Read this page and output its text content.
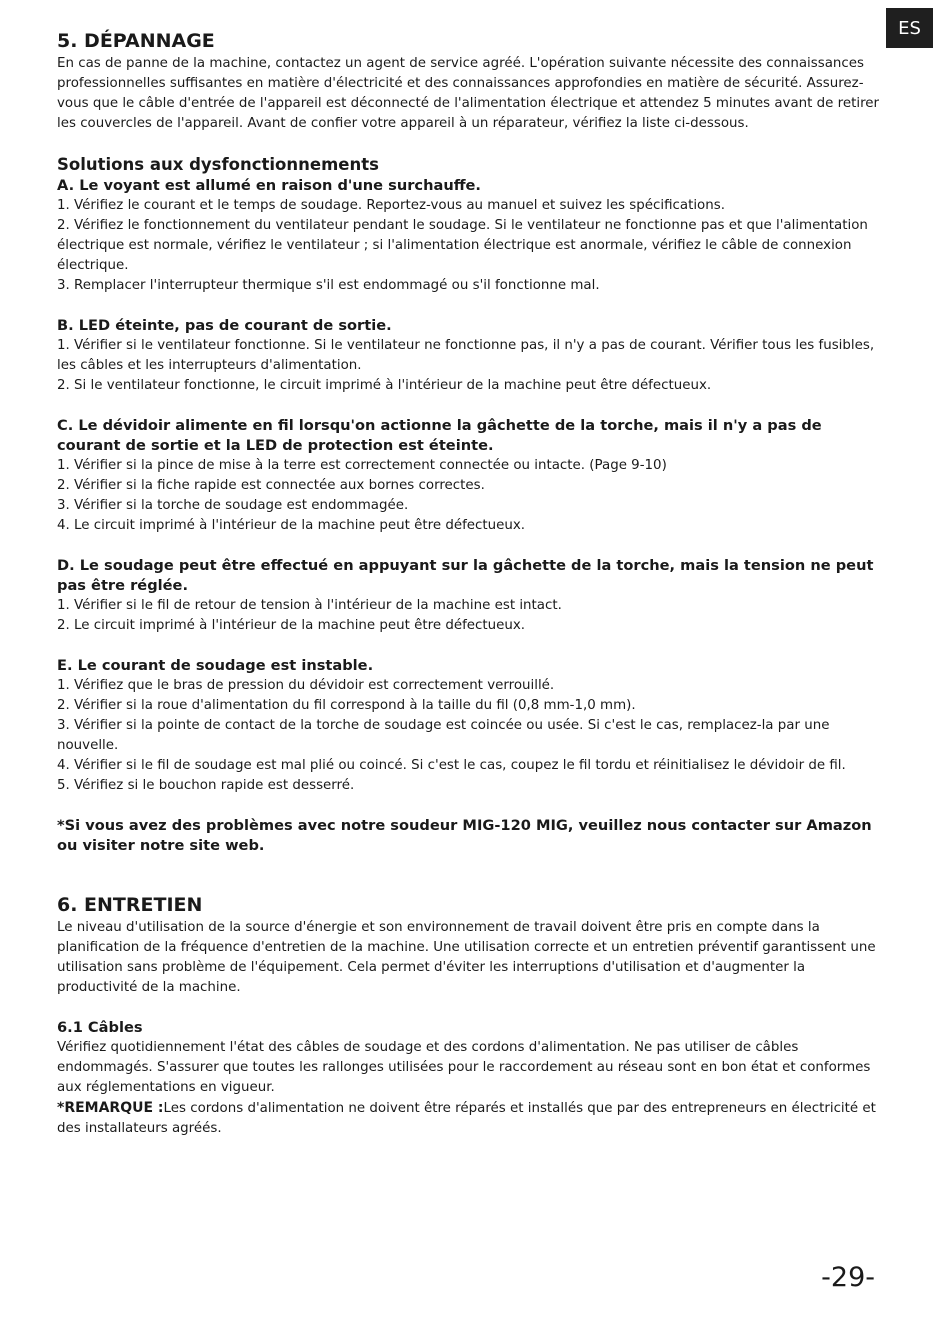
ES
5. DÉPANNAGE

En cas de panne de la machine, contactez un agent de service agréé. L'opération suivante nécessite des connaissances professionnelles suffisantes en matière d'électricité et des connaissances approfondies en matière de sécurité. Assurez-vous que le câble d'entrée de l'appareil est déconnecté de l'alimentation électrique et attendez 5 minutes avant de retirer les couvercles de l'appareil. Avant de confier votre appareil à un réparateur, vérifiez la liste ci-dessous.

Solutions aux dysfonctionnements
A. Le voyant est allumé en raison d'une surchauffe.

1. Vérifiez le courant et le temps de soudage. Reportez-vous au manuel et suivez les spécifications.

2. Vérifiez le fonctionnement du ventilateur pendant le soudage. Si le ventilateur ne fonctionne pas et que l'alimentation électrique est normale, vérifiez le ventilateur ; si l'alimentation électrique est anormale, vérifiez le câble de connexion électrique.

3. Remplacer l'interrupteur thermique s'il est endommagé ou s'il fonctionne mal.

B. LED éteinte, pas de courant de sortie.

1. Vérifier si le ventilateur fonctionne. Si le ventilateur ne fonctionne pas, il n'y a pas de courant. Vérifier tous les fusibles, les câbles et les interrupteurs d'alimentation.

2. Si le ventilateur fonctionne, le circuit imprimé à l'intérieur de la machine peut être défectueux.

C. Le dévidoir alimente en fil lorsqu'on actionne la gâchette de la torche, mais il n'y a pas de courant de sortie et la LED de protection est éteinte.

1. Vérifier si la pince de mise à la terre est correctement connectée ou intacte. (Page 9-10)

2. Vérifier si la fiche rapide est connectée aux bornes correctes.

3. Vérifier si la torche de soudage est endommagée.

4. Le circuit imprimé à l'intérieur de la machine peut être défectueux.

D. Le soudage peut être effectué en appuyant sur la gâchette de la torche, mais la tension ne peut pas être réglée.

1. Vérifier si le fil de retour de tension à l'intérieur de la machine est intact.

2. Le circuit imprimé à l'intérieur de la machine peut être défectueux.

E. Le courant de soudage est instable.

1. Vérifiez que le bras de pression du dévidoir est correctement verrouillé.

2. Vérifier si la roue d'alimentation du fil correspond à la taille du fil (0,8 mm-1,0 mm).

3. Vérifier si la pointe de contact de la torche de soudage est coincée ou usée. Si c'est le cas, remplacez-la par une nouvelle.

4. Vérifier si le fil de soudage est mal plié ou coincé. Si c'est le cas, coupez le fil tordu et réinitialisez le dévidoir de fil.

5. Vérifiez si le bouchon rapide est desserré.

*Si vous avez des problèmes avec notre soudeur MIG-120 MIG, veuillez nous contacter sur Amazon ou visiter notre site web.

6. ENTRETIEN

Le niveau d'utilisation de la source d'énergie et son environnement de travail doivent être pris en compte dans la planification de la fréquence d'entretien de la machine. Une utilisation correcte et un entretien préventif garantissent une utilisation sans problème de l'équipement. Cela permet d'éviter les interruptions d'utilisation et d'augmenter la productivité de la machine.

6.1 Câbles

Vérifiez quotidiennement l'état des câbles de soudage et des cordons d'alimentation. Ne pas utiliser de câbles endommagés. S'assurer que toutes les rallonges utilisées pour le raccordement au réseau sont en bon état et conformes aux réglementations en vigueur.

*REMARQUE :Les cordons d'alimentation ne doivent être réparés et installés que par des entrepreneurs en électricité et des installateurs agréés.

-29-
